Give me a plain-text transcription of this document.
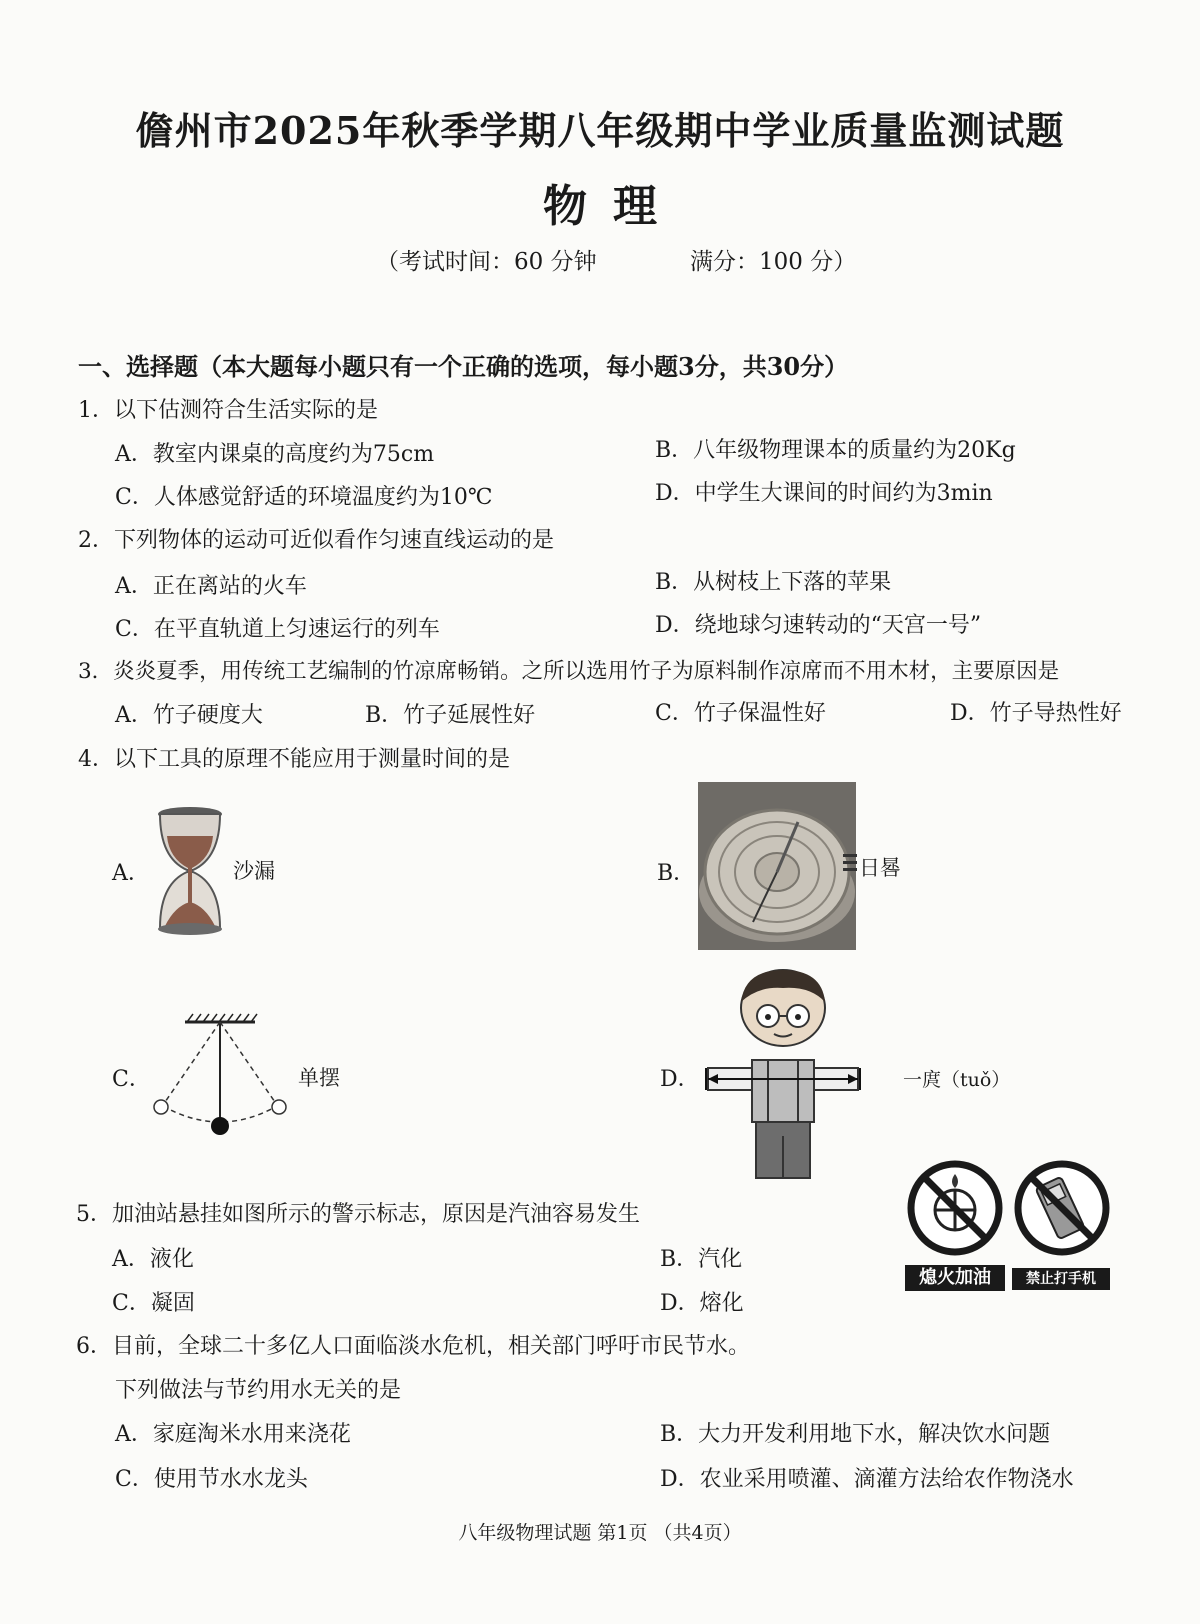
儋州市2025年秋季学期八年级期中学业质量监测试题
物理
（考试时间：60 分钟	满分：100 分）
一、选择题（本大题每小题只有一个正确的选项，每小题3分，共30分）
1．以下估测符合生活实际的是
A．教室内课桌的高度约为75cm	B．八年级物理课本的质量约为20Kg
C．人体感觉舒适的环境温度约为10℃	D．中学生大课间的时间约为3min
2．下列物体的运动可近似看作匀速直线运动的是
A．正在离站的火车	B．从树枝上下落的苹果
C．在平直轨道上匀速运行的列车	D．绕地球匀速转动的“天宫一号”
3．炎炎夏季，用传统工艺编制的竹凉席畅销。之所以选用竹子为原料制作凉席而不用木材，主要原因是
A．竹子硬度大	B．竹子延展性好	C．竹子保温性好	D．竹子导热性好
4．以下工具的原理不能应用于测量时间的是
A．	沙漏	B．	日晷
C．	单摆	D．	一庹（tuǒ）
5．加油站悬挂如图所示的警示标志，原因是汽油容易发生
A．液化	B．汽化
C．凝固	D．熔化
熄火加油	禁止打手机
6．目前，全球二十多亿人口面临淡水危机，相关部门呼吁市民节水。
下列做法与节约用水无关的是
A．家庭淘米水用来浇花	B．大力开发利用地下水，解决饮水问题
C．使用节水水龙头	D．农业采用喷灌、滴灌方法给农作物浇水
八年级物理试题 第1页 （共4页）
